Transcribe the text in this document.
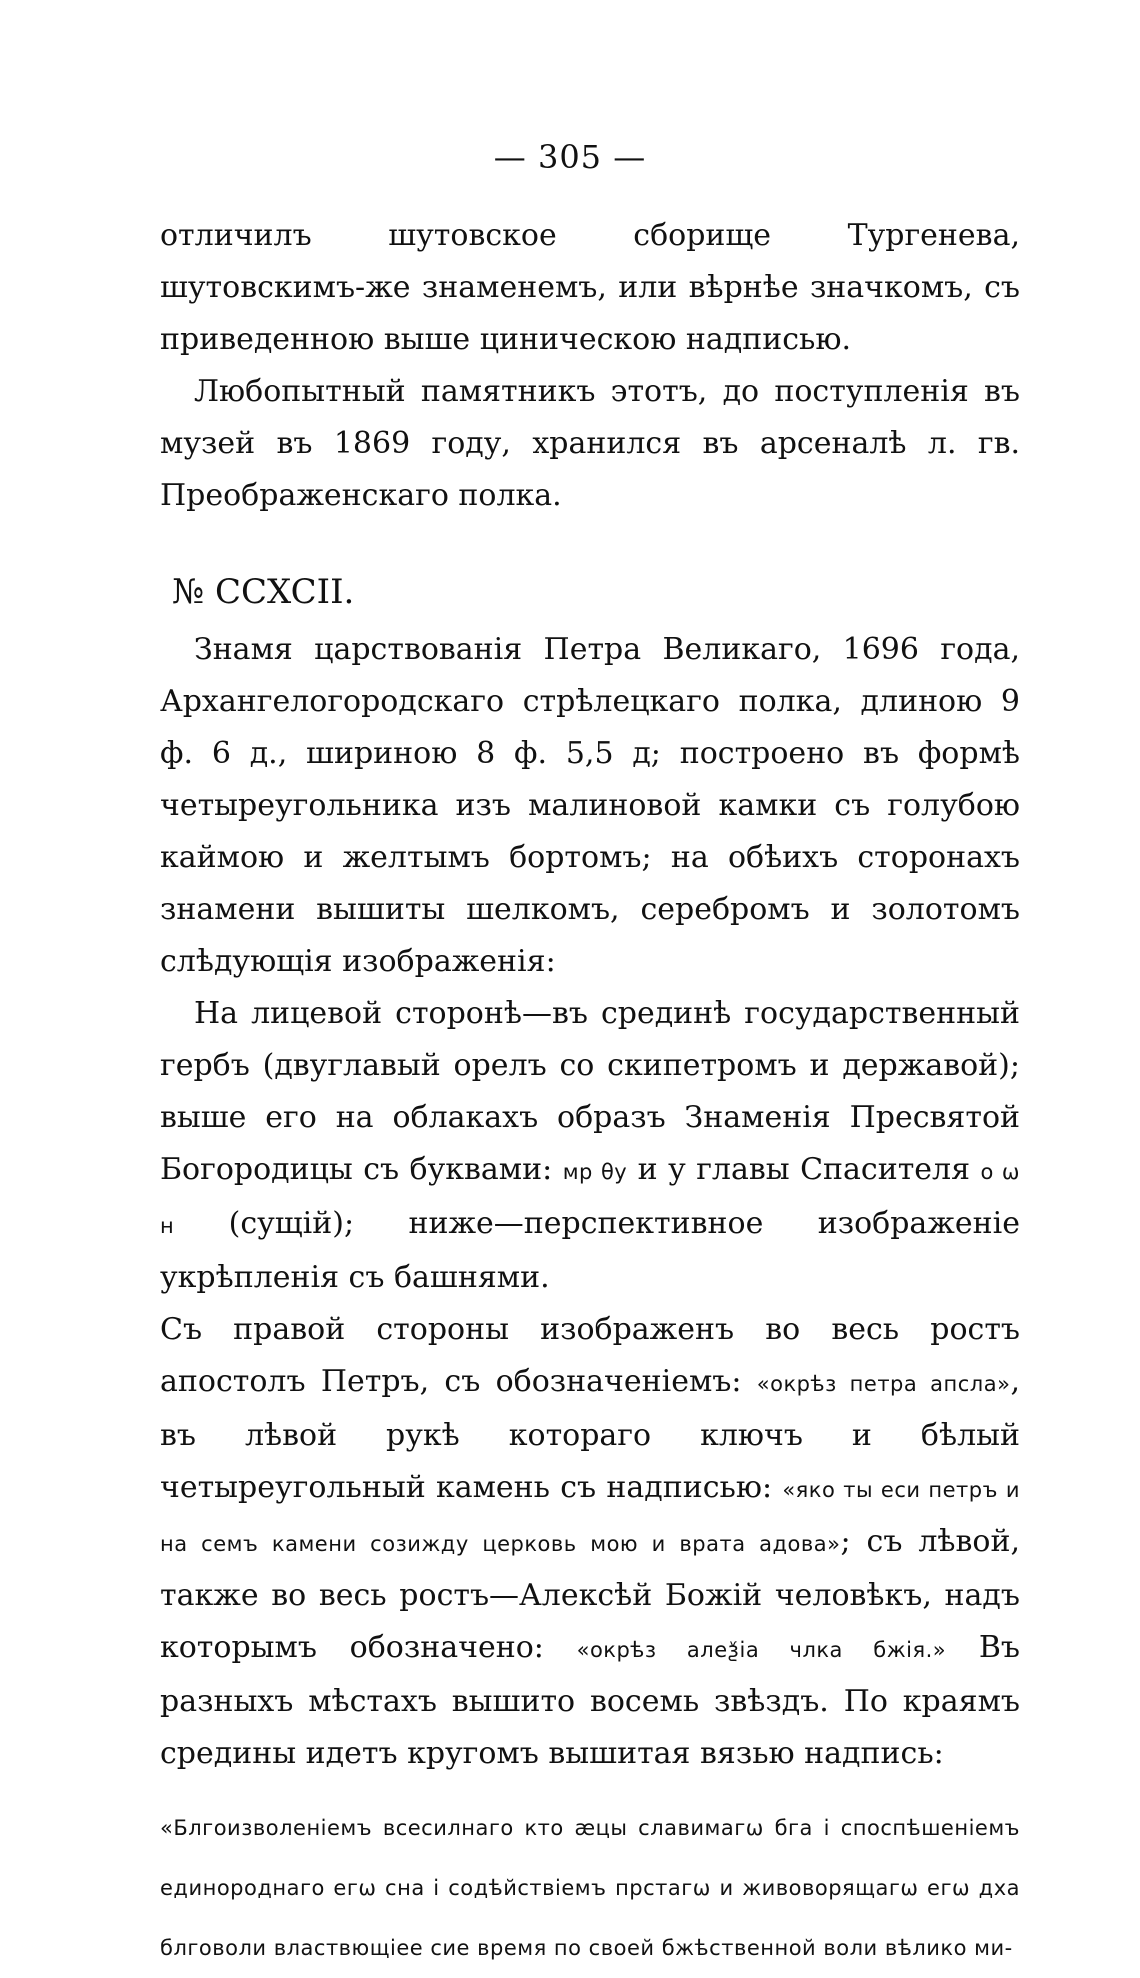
— 305 —

отличилъ шутовское сборище Тургенева, шутовскимъ-же знаменемъ, или вѣрнѣе значкомъ, съ приведенною выше циническою надписью.

Любопытный памятникъ этотъ, до поступленія въ музей въ 1869 году, хранился въ арсеналѣ л. гв. Преображенскаго полка.

№ CCXCII.

Знамя царствованія Петра Великаго, 1696 года, Архангелогородскаго стрѣлецкаго полка, длиною 9 ф. 6 д., шириною 8 ф. 5,5 д; построено въ формѣ четыреугольника изъ малиновой камки съ голубою каймою и желтымъ бортомъ; на обѣихъ сторонахъ знамени вышиты шелкомъ, серебромъ и золотомъ слѣдующія изображенія:

На лицевой сторонѣ—въ срединѣ государственный гербъ (двуглавый орелъ со скипетромъ и державой); выше его на облакахъ образъ Знаменія Пресвятой Богородицы съ буквами: мр θу и у главы Спасителя о ω н (сущій); ниже—перспективное изображеніе укрѣпленія съ башнями.

Съ правой стороны изображенъ во весь ростъ апостолъ Петръ, съ обозначеніемъ: «окрѣз петра апсла», въ лѣвой рукѣ котораго ключъ и бѣлый четыреугольный камень съ надписью: «яко ты еси петръ и на семъ камени созижду церковь мою и врата адова»; съ лѣвой, также во весь ростъ—Алексѣй Божій человѣкъ, надъ которымъ обозначено: «окрѣз алеѯіа члка бжія.» Въ разныхъ мѣстахъ вышито восемь звѣздъ. По краямъ средины идетъ кругомъ вышитая вязью надпись:

«Блгоизволеніемъ всесилнаго кто ӕцы славимагω бга і споспѣшеніемъ единороднаго егω сна і содѣйствіемъ прстагω и живоворящагω егω дха блговоли властвющіее сие время по своей бжѣственной воли вѣлико ми-
